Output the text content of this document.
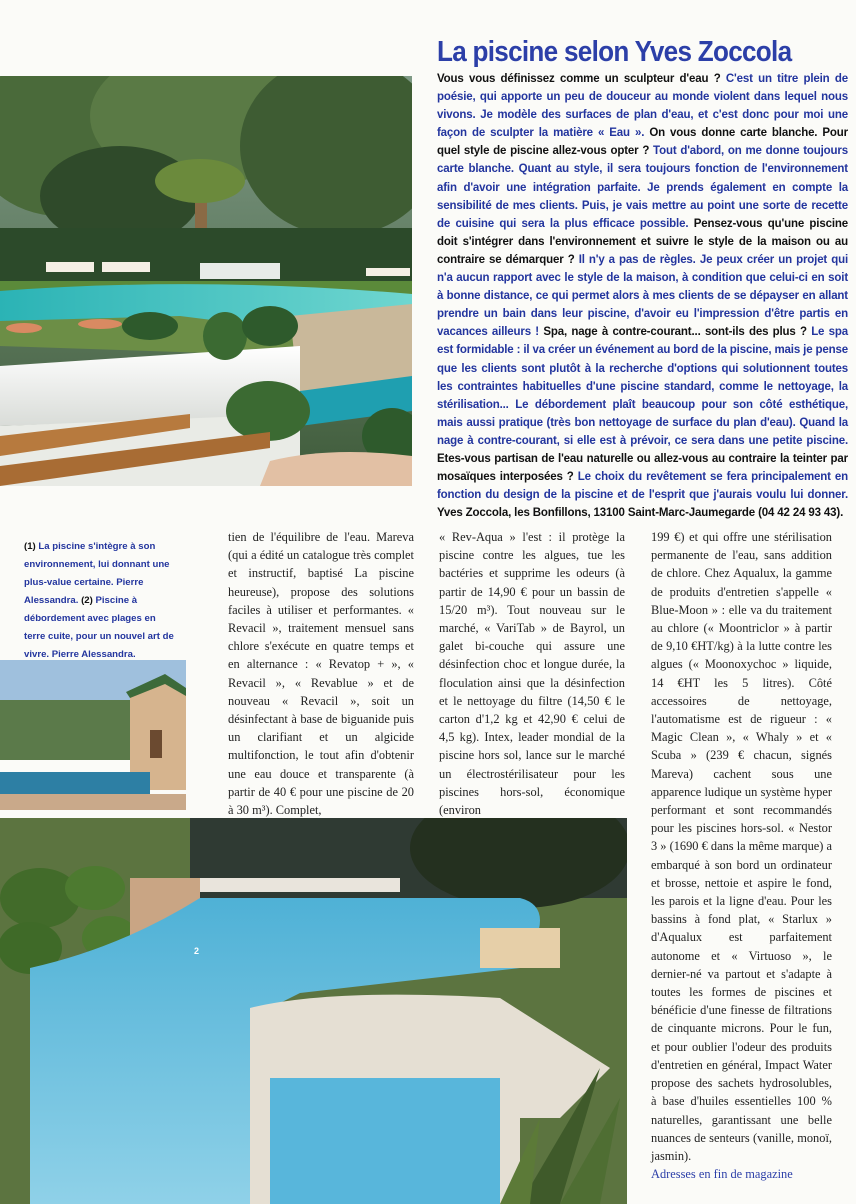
La piscine selon Yves Zoccola
Vous vous définissez comme un sculpteur d'eau ? C'est un titre plein de poésie, qui apporte un peu de douceur au monde violent dans lequel nous vivons. Je modèle des surfaces de plan d'eau, et c'est donc pour moi une façon de sculpter la matière « Eau ». On vous donne carte blanche. Pour quel style de piscine allez-vous opter ? Tout d'abord, on me donne toujours carte blanche. Quant au style, il sera toujours fonction de l'environnement afin d'avoir une intégration parfaite. Je prends également en compte la sensibilité de mes clients. Puis, je vais mettre au point une sorte de recette de cuisine qui sera la plus efficace possible. Pensez-vous qu'une piscine doit s'intégrer dans l'environnement et suivre le style de la maison ou au contraire se démarquer ? Il n'y a pas de règles. Je peux créer un projet qui n'a aucun rapport avec le style de la maison, à condition que celui-ci en soit à bonne distance, ce qui permet alors à mes clients de se dépayser en allant prendre un bain dans leur piscine, d'avoir eu l'impression d'être partis en vacances ailleurs ! Spa, nage à contre-courant... sont-ils des plus ? Le spa est formidable : il va créer un événement au bord de la piscine, mais je pense que les clients sont plutôt à la recherche d'options qui solutionnent toutes les contraintes habituelles d'une piscine standard, comme le nettoyage, la stérilisation... Le débordement plaît beaucoup pour son côté esthétique, mais aussi pratique (très bon nettoyage de surface du plan d'eau). Quand la nage à contre-courant, si elle est à prévoir, ce sera dans une petite piscine. Etes-vous partisan de l'eau naturelle ou allez-vous au contraire la teinter par mosaïques interposées ? Le choix du revêtement se fera principalement en fonction du design de la piscine et de l'esprit que j'aurais voulu lui donner. Yves Zoccola, les Bonfillons, 13100 Saint-Marc-Jaumegarde (04 42 24 93 43).
(1) La piscine s'intègre à son environnement, lui donnant une plus-value certaine. Pierre Alessandra. (2) Piscine à débordement avec plages en terre cuite, pour un nouvel art de vivre. Pierre Alessandra.
tien de l'équilibre de l'eau. Mareva (qui a édité un catalogue très complet et instructif, baptisé La piscine heureuse), propose des solutions faciles à utiliser et performantes. « Revacil », traitement mensuel sans chlore s'exécute en quatre temps et en alternance : « Revatop + », « Revacil », « Revablue » et de nouveau « Revacil », soit un désinfectant à base de biguanide puis un clarifiant et un algicide multifonction, le tout afin d'obtenir une eau douce et transparente (à partir de 40 € pour une piscine de 20 à 30 m³). Complet,
« Rev-Aqua » l'est : il protège la piscine contre les algues, tue les bactéries et supprime les odeurs (à partir de 14,90 € pour un bassin de 15/20 m³). Tout nouveau sur le marché, « VariTab » de Bayrol, un galet bi-couche qui assure une désinfection choc et longue durée, la floculation ainsi que la désinfection et le nettoyage du filtre (14,50 € le carton d'1,2 kg et 42,90 € celui de 4,5 kg). Intex, leader mondial de la piscine hors sol, lance sur le marché un électrostérilisateur pour les piscines hors-sol, économique (environ
199 €) et qui offre une stérilisation permanente de l'eau, sans addition de chlore. Chez Aqualux, la gamme de produits d'entretien s'appelle « Blue-Moon » : elle va du traitement au chlore (« Moontriclor » à partir de 9,10 €HT/kg) à la lutte contre les algues (« Moonoxychoc » liquide, 14 €HT les 5 litres). Côté accessoires de nettoyage, l'automatisme est de rigueur : « Magic Clean », « Whaly » et « Scuba » (239 € chacun, signés Mareva) cachent sous une apparence ludique un système hyper performant et sont recommandés pour les piscines hors-sol. « Nestor 3 » (1690 € dans la même marque) a embarqué à son bord un ordinateur et brosse, nettoie et aspire le fond, les parois et la ligne d'eau. Pour les bassins à fond plat, « Starlux » d'Aqualux est parfaitement autonome et « Virtuoso », le dernier-né va partout et s'adapte à toutes les formes de piscines et bénéficie d'une finesse de filtrations de cinquante microns. Pour le fun, et pour oublier l'odeur des produits d'entretien en général, Impact Water propose des sachets hydrosolubles, à base d'huiles essentielles 100 % naturelles, garantissant une belle nuances de senteurs (vanille, monoï, jasmin).
Adresses en fin de magazine
2
